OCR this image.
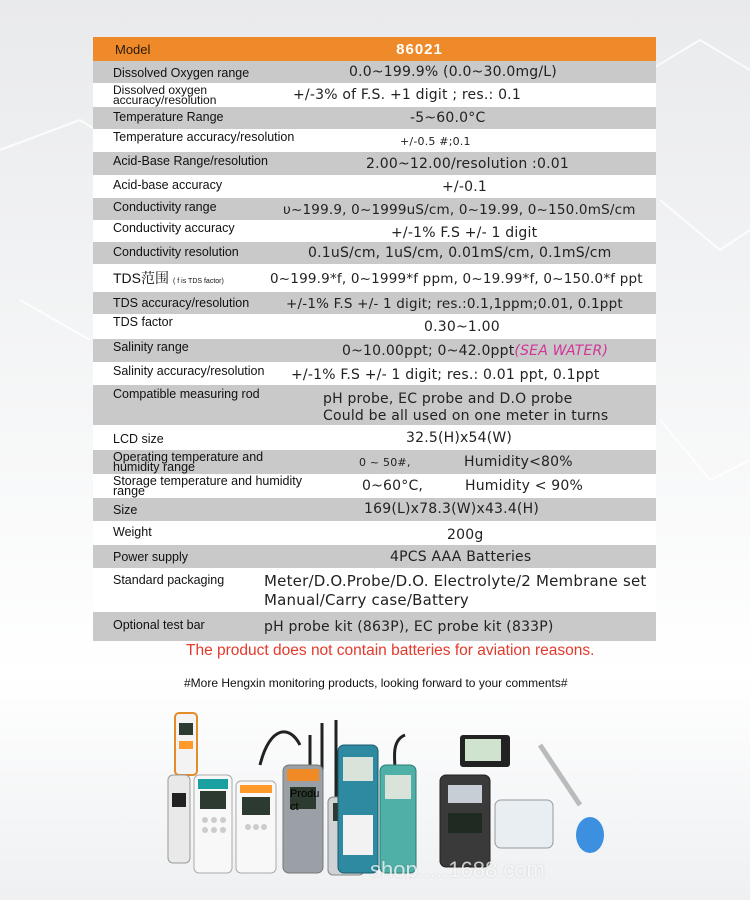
Model	86021
Dissolved Oxygen range	0.0~199.9% (0.0~30.0mg/L)
Dissolved oxygen
accuracy/resolution	+/-3% of F.S. +1 digit ; res.: 0.1
Temperature Range	-5~60.0°C
Temperature accuracy/resolution	+/-0.5 #;0.1
Acid-Base Range/resolution	2.00~12.00/resolution :0.01
Acid-base accuracy	+/-0.1
Conductivity range	υ~199.9, 0~1999uS/cm, 0~19.99, 0~150.0mS/cm
Conductivity accuracy	+/-1% F.S +/- 1 digit
Conductivity resolution	0.1uS/cm, 1uS/cm, 0.01mS/cm, 0.1mS/cm
TDS范围 ( f is TDS factor)	0~199.9*f, 0~1999*f ppm, 0~19.99*f, 0~150.0*f ppt
TDS accuracy/resolution	+/-1% F.S +/- 1 digit; res.:0.1,1ppm;0.01, 0.1ppt
TDS factor	0.30~1.00
Salinity range	0~10.00ppt; 0~42.0ppt(SEA WATER)
Salinity accuracy/resolution +/-1% F.S +/- 1 digit; res.: 0.01 ppt, 0.1ppt
Compatible measuring rod	pH probe, EC probe and D.O probe
Could be all used on one meter in turns
LCD size	32.5(H)x54(W)
Operating temperature and
humidity range	0 ~ 50#,	Humidity<80%
Storage temperature and humidity
range	0~60°C,	Humidity < 90%
Size	169(L)x78.3(W)x43.4(H)
Weight	200g
Power supply	4PCS AAA Batteries
Standard packaging	Meter/D.O.Probe/D.O. Electrolyte/2 Membrane set
Manual/Carry case/Battery
Optional test bar	pH probe kit (863P), EC probe kit (833P)
The product does not contain batteries for aviation reasons.
#More Hengxin monitoring products, looking forward to your comments#
Produ
ct
shop.....1688.com
